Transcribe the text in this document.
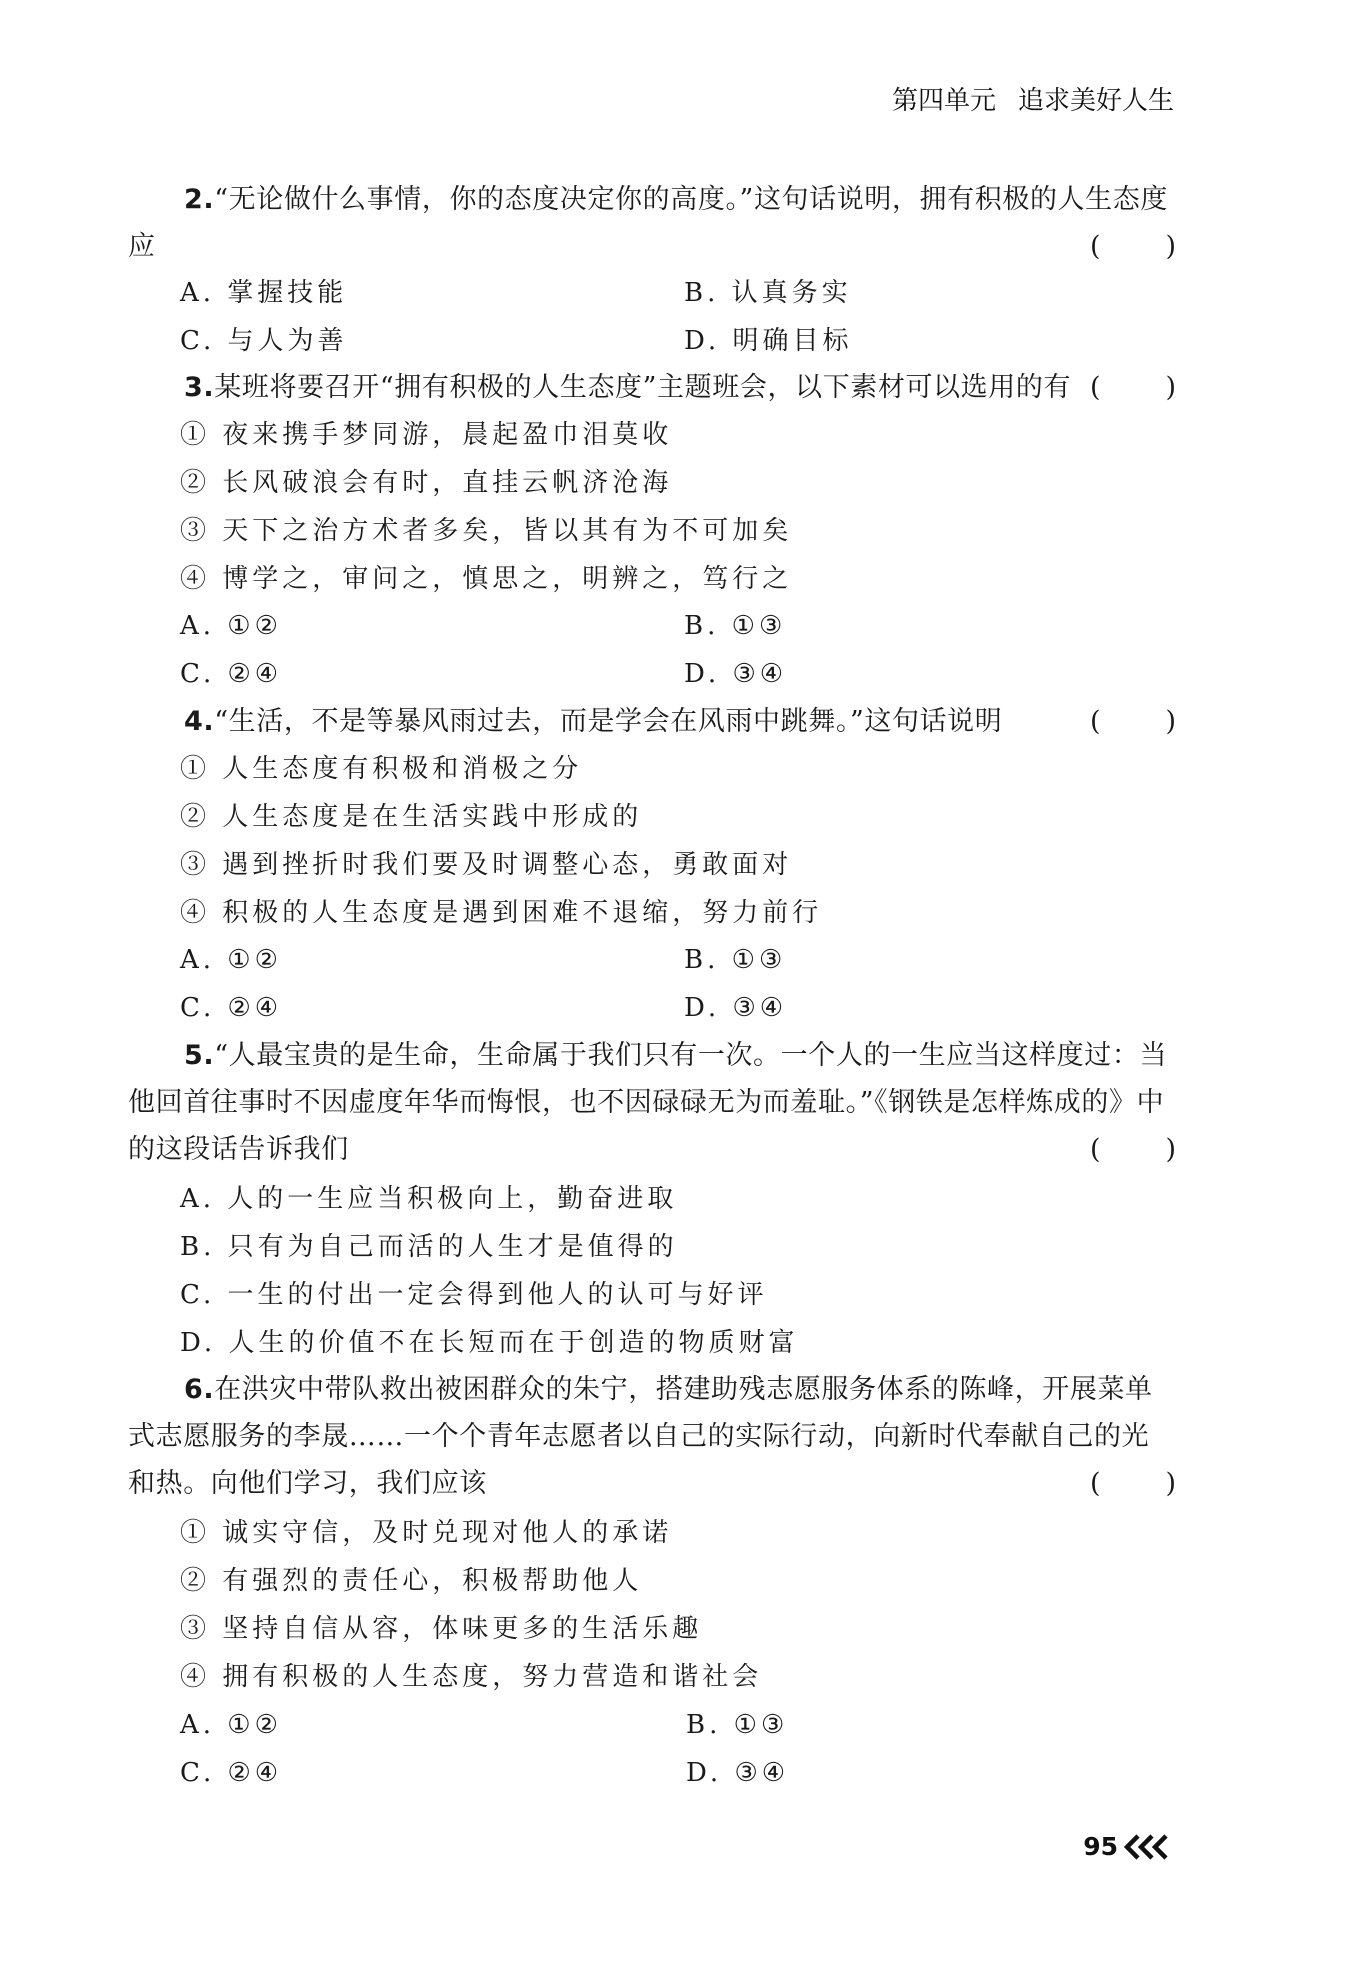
第四单元 追求美好人生
2.“无论做什么事情，你的态度决定你的高度。”这句话说明，拥有积极的人生态度应	( )
A. 掌握技能	B. 认真务实
C. 与人为善	D. 明确目标
3.某班将要召开“拥有积极的人生态度”主题班会，以下素材可以选用的有 ( )
① 夜来携手梦同游，晨起盈巾泪莫收
② 长风破浪会有时，直挂云帆济沧海
③ 天下之治方术者多矣，皆以其有为不可加矣
④ 博学之，审问之，慎思之，明辨之，笃行之
A. ①②	B. ①③
C. ②④	D. ③④
4.“生活，不是等暴风雨过去，而是学会在风雨中跳舞。”这句话说明	( )
① 人生态度有积极和消极之分
② 人生态度是在生活实践中形成的
③ 遇到挫折时我们要及时调整心态，勇敢面对
④ 积极的人生态度是遇到困难不退缩，努力前行
A. ①②	B. ①③
C. ②④	D. ③④
5.“人最宝贵的是生命，生命属于我们只有一次。一个人的一生应当这样度过：当他回首往事时不因虚度年华而悔恨，也不因碌碌无为而羞耻。”《钢铁是怎样炼成的》中的这段话告诉我们	( )
A. 人的一生应当积极向上，勤奋进取
B. 只有为自己而活的人生才是值得的
C. 一生的付出一定会得到他人的认可与好评
D. 人生的价值不在长短而在于创造的物质财富
6.在洪灾中带队救出被困群众的朱宁，搭建助残志愿服务体系的陈峰，开展菜单式志愿服务的李晟……一个个青年志愿者以自己的实际行动，向新时代奉献自己的光和热。向他们学习，我们应该	( )
① 诚实守信，及时兑现对他人的承诺
② 有强烈的责任心，积极帮助他人
③ 坚持自信从容，体味更多的生活乐趣
④ 拥有积极的人生态度，努力营造和谐社会
A. ①②	B. ①③
C. ②④	D. ③④
95
